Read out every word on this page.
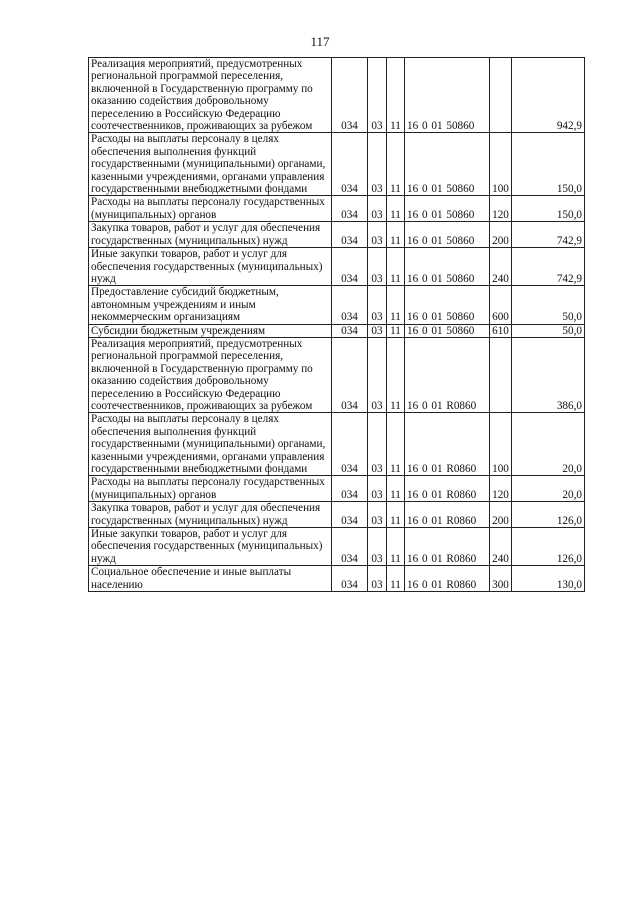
117
Реализация мероприятий, предусмотренных региональной программой переселения, включенной в Государственную программу по оказанию содействия добровольному переселению в Российскую Федерацию соотечественников, проживающих за рубежом	034	03	11	16 0 01 50860		942,9
Расходы на выплаты персоналу в целях обеспечения выполнения функций государственными (муниципальными) органами, казенными учреждениями, органами управления государственными внебюджетными фондами	034	03	11	16 0 01 50860	100	150,0
Расходы на выплаты персоналу государственных (муниципальных) органов	034	03	11	16 0 01 50860	120	150,0
Закупка товаров, работ и услуг для обеспечения государственных (муниципальных) нужд	034	03	11	16 0 01 50860	200	742,9
Иные закупки товаров, работ и услуг для обеспечения государственных (муниципальных) нужд	034	03	11	16 0 01 50860	240	742,9
Предоставление субсидий бюджетным, автономным учреждениям и иным некоммерческим организациям	034	03	11	16 0 01 50860	600	50,0
Субсидии бюджетным учреждениям	034	03	11	16 0 01 50860	610	50,0
Реализация мероприятий, предусмотренных региональной программой переселения, включенной в Государственную программу по оказанию содействия добровольному переселению в Российскую Федерацию соотечественников, проживающих за рубежом	034	03	11	16 0 01 R0860		386,0
Расходы на выплаты персоналу в целях обеспечения выполнения функций государственными (муниципальными) органами, казенными учреждениями, органами управления государственными внебюджетными фондами	034	03	11	16 0 01 R0860	100	20,0
Расходы на выплаты персоналу государственных (муниципальных) органов	034	03	11	16 0 01 R0860	120	20,0
Закупка товаров, работ и услуг для обеспечения государственных (муниципальных) нужд	034	03	11	16 0 01 R0860	200	126,0
Иные закупки товаров, работ и услуг для обеспечения государственных (муниципальных) нужд	034	03	11	16 0 01 R0860	240	126,0
Социальное обеспечение и иные выплаты населению	034	03	11	16 0 01 R0860	300	130,0
